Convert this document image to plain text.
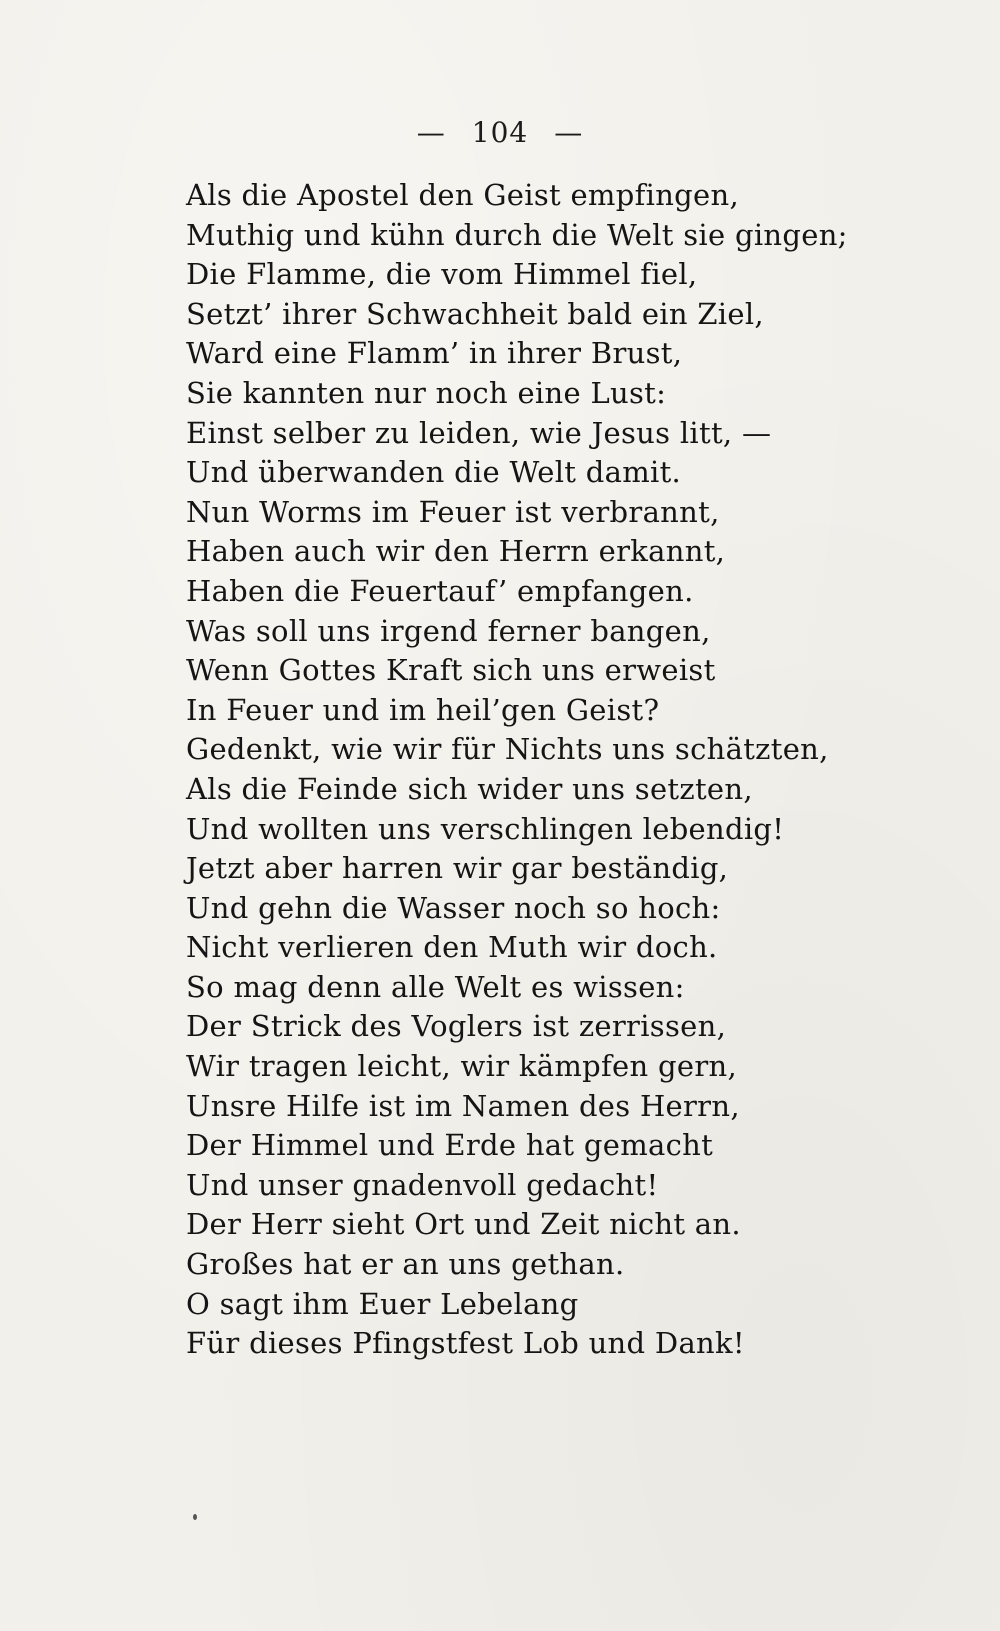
— 104 —
Als die Apostel den Geist empfingen,
Muthig und kühn durch die Welt sie gingen;
Die Flamme, die vom Himmel fiel,
Setzt’ ihrer Schwachheit bald ein Ziel,
Ward eine Flamm’ in ihrer Brust,
Sie kannten nur noch eine Lust:
Einst selber zu leiden, wie Jesus litt, —
Und überwanden die Welt damit.
Nun Worms im Feuer ist verbrannt,
Haben auch wir den Herrn erkannt,
Haben die Feuertauf’ empfangen.
Was soll uns irgend ferner bangen,
Wenn Gottes Kraft sich uns erweist
In Feuer und im heil’gen Geist?
Gedenkt, wie wir für Nichts uns schätzten,
Als die Feinde sich wider uns setzten,
Und wollten uns verschlingen lebendig!
Jetzt aber harren wir gar beständig,
Und gehn die Wasser noch so hoch:
Nicht verlieren den Muth wir doch.
So mag denn alle Welt es wissen:
Der Strick des Voglers ist zerrissen,
Wir tragen leicht, wir kämpfen gern,
Unsre Hilfe ist im Namen des Herrn,
Der Himmel und Erde hat gemacht
Und unser gnadenvoll gedacht!
Der Herr sieht Ort und Zeit nicht an.
Großes hat er an uns gethan.
O sagt ihm Euer Lebelang
Für dieses Pfingstfest Lob und Dank!
